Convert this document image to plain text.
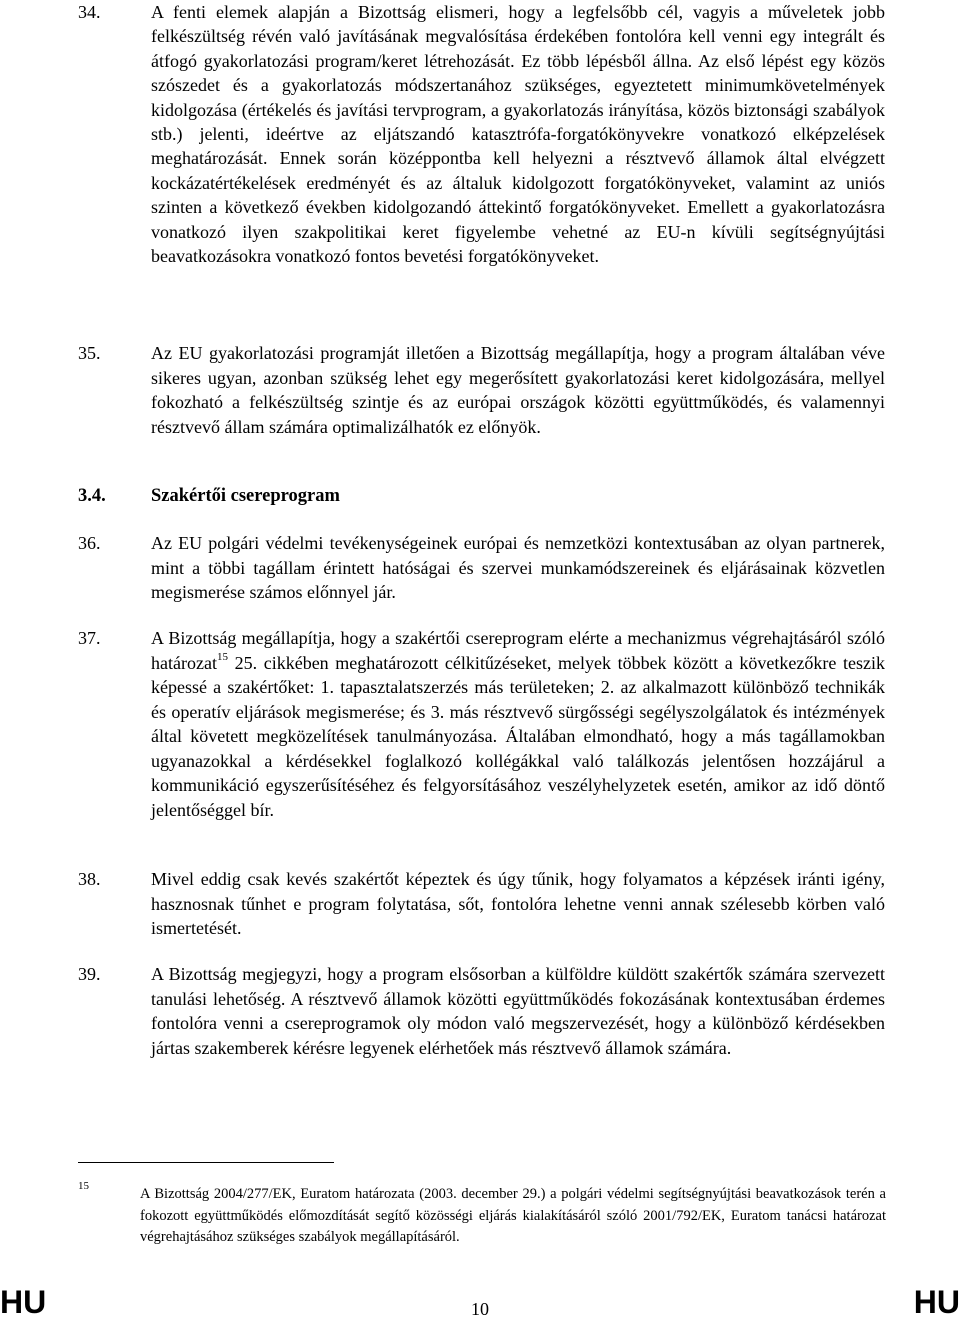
34.	A fenti elemek alapján a Bizottság elismeri, hogy a legfelsőbb cél, vagyis a műveletek jobb felkészültség révén való javításának megvalósítása érdekében fontolóra kell venni egy integrált és átfogó gyakorlatozási program/keret létrehozását. Ez több lépésből állna. Az első lépést egy közös szószedet és a gyakorlatozás módszertanához szükséges, egyeztetett minimumkövetelmények kidolgozása (értékelés és javítási tervprogram, a gyakorlatozás irányítása, közös biztonsági szabályok stb.) jelenti, ideértve az eljátszandó katasztrófa-forgatókönyvekre vonatkozó elképzelések meghatározását. Ennek során középpontba kell helyezni a résztvevő államok által elvégzett kockázatértékelések eredményét és az általuk kidolgozott forgatókönyveket, valamint az uniós szinten a következő években kidolgozandó áttekintő forgatókönyveket. Emellett a gyakorlatozásra vonatkozó ilyen szakpolitikai keret figyelembe vehetné az EU-n kívüli segítségnyújtási beavatkozásokra vonatkozó fontos bevetési forgatókönyveket.
35.	Az EU gyakorlatozási programját illetően a Bizottság megállapítja, hogy a program általában véve sikeres ugyan, azonban szükség lehet egy megerősített gyakorlatozási keret kidolgozására, mellyel fokozható a felkészültség szintje és az európai országok közötti együttműködés, és valamennyi résztvevő állam számára optimalizálhatók ez előnyök.
3.4. Szakértői csereprogram
36.	Az EU polgári védelmi tevékenységeinek európai és nemzetközi kontextusában az olyan partnerek, mint a többi tagállam érintett hatóságai és szervei munkamódszereinek és eljárásainak közvetlen megismerése számos előnnyel jár.
37.	A Bizottság megállapítja, hogy a szakértői csereprogram elérte a mechanizmus végrehajtásáról szóló határozat$^{15}$ 25. cikkében meghatározott célkitűzéseket, melyek többek között a következőkre teszik képessé a szakértőket: 1. tapasztalatszerzés más területeken; 2. az alkalmazott különböző technikák és operatív eljárások megismerése; és 3. más résztvevő sürgősségi segélyszolgálatok és intézmények által követett megközelítések tanulmányozása. Általában elmondható, hogy a más tagállamokban ugyanazokkal a kérdésekkel foglalkozó kollégákkal való találkozás jelentősen hozzájárul a kommunikáció egyszerűsítéséhez és felgyorsításához veszélyhelyzetek esetén, amikor az idő döntő jelentőséggel bír.
38.	Mivel eddig csak kevés szakértőt képeztek és úgy tűnik, hogy folyamatos a képzések iránti igény, hasznosnak tűnhet e program folytatása, sőt, fontolóra lehetne venni annak szélesebb körben való ismertetését.
39.	A Bizottság megjegyzi, hogy a program elsősorban a külföldre küldött szakértők számára szervezett tanulási lehetőség. A résztvevő államok közötti együttműködés fokozásának kontextusában érdemes fontolóra venni a csereprogramok oly módon való megszervezését, hogy a különböző kérdésekben jártas szakemberek kérésre legyenek elérhetőek más résztvevő államok számára.
15	A Bizottság 2004/277/EK, Euratom határozata (2003. december 29.) a polgári védelmi segítségnyújtási beavatkozások terén a fokozott együttműködés előmozdítását segítő közösségi eljárás kialakításáról szóló 2001/792/EK, Euratom tanácsi határozat végrehajtásához szükséges szabályok megállapításáról.
HU	10	HU
